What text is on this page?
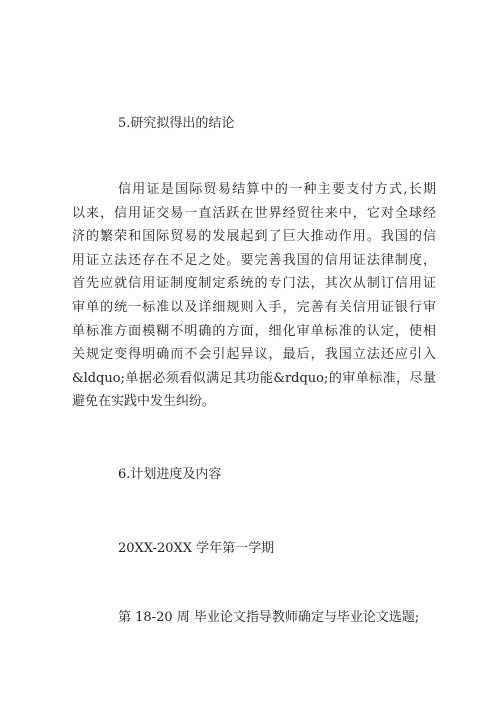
5.研究拟得出的结论
信用证是国际贸易结算中的一种主要支付方式,长期
以来，信用证交易一直活跃在世界经贸往来中，它对全球经
济的繁荣和国际贸易的发展起到了巨大推动作用。我国的信
用证立法还存在不足之处。要完善我国的信用证法律制度，
首先应就信用证制度制定系统的专门法，其次从制订信用证
审单的统一标准以及详细规则入手，完善有关信用证银行审
单标准方面模糊不明确的方面，细化审单标准的认定，使相
关规定变得明确而不会引起异议，最后，我国立法还应引入
&ldquo;单据必须看似满足其功能&rdquo;的审单标准，尽量
避免在实践中发生纠纷。
6.计划进度及内容
20XX-20XX 学年第一学期
第 18-20 周 毕业论文指导教师确定与毕业论文选题;
